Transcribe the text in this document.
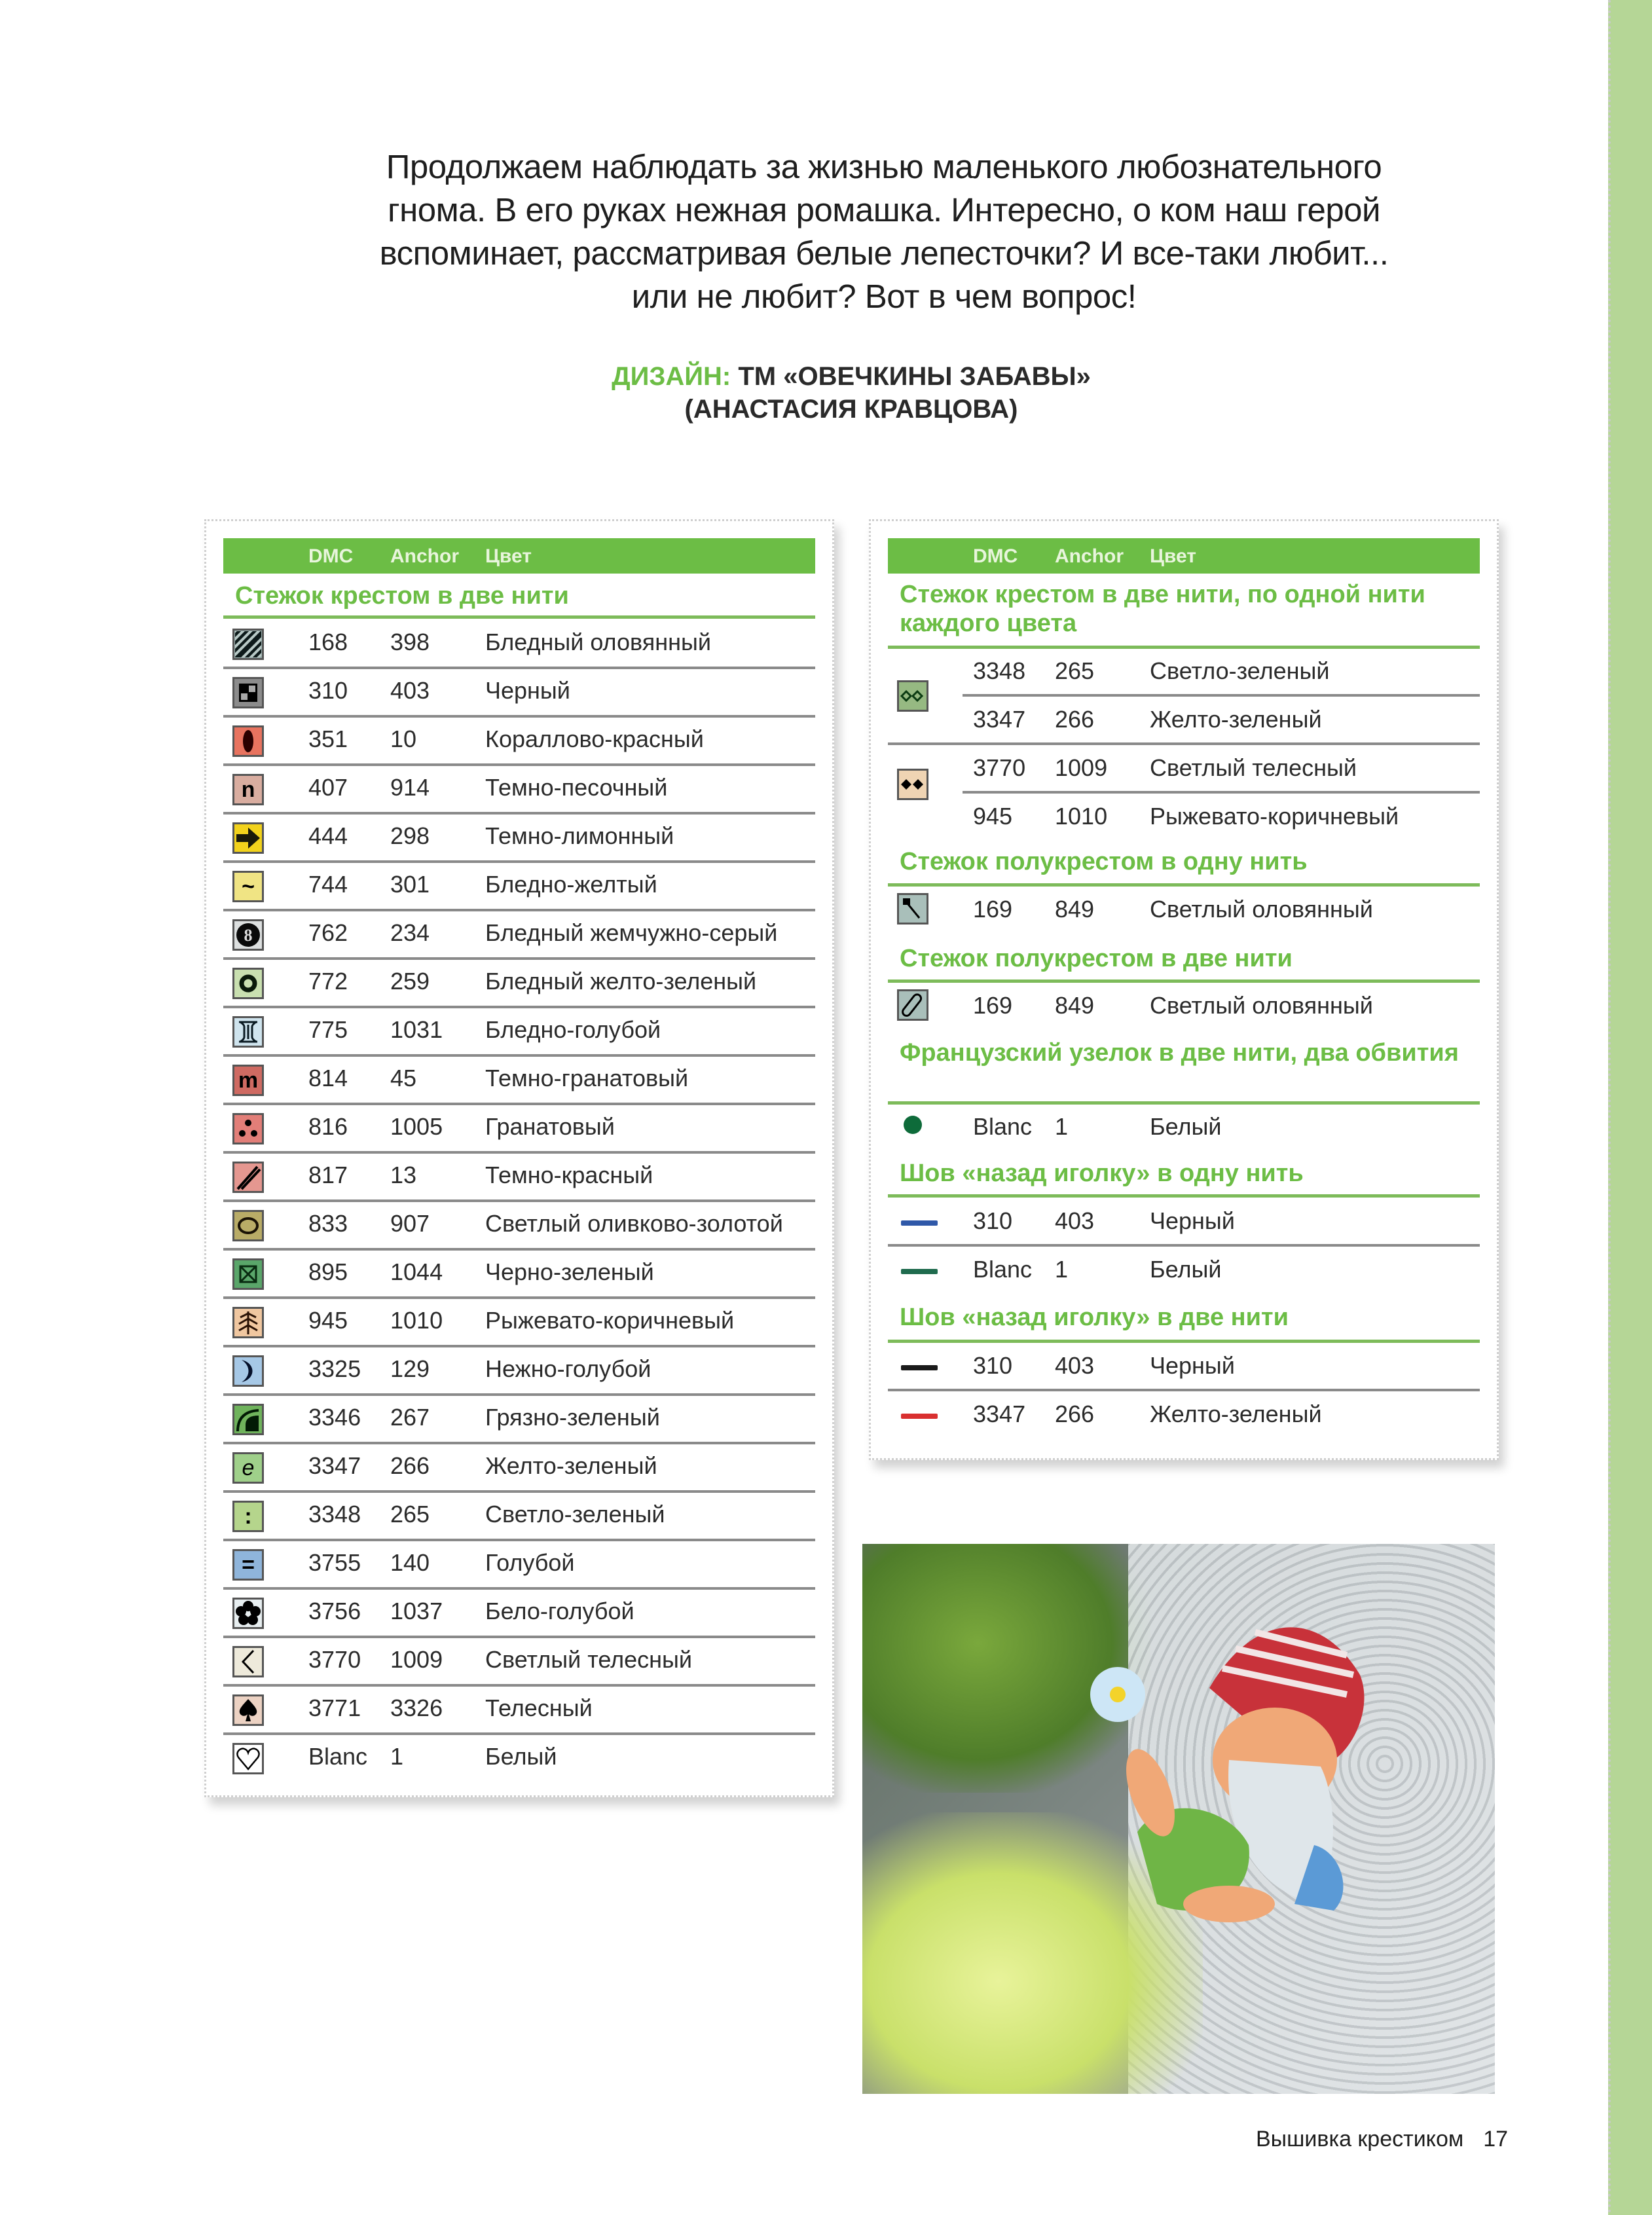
Продолжаем наблюдать за жизнью маленького любознательного
гнома. В его руках нежная ромашка. Интересно, о ком наш герой
вспоминает, рассматривая белые лепесточки? И все-таки любит...
или не любит? Вот в чем вопрос!
ДИЗАЙН: ТМ «ОВЕЧКИНЫ ЗАБАВЫ»
(АНАСТАСИЯ КРАВЦОВА)
DMC Anchor Цвет
Стежок крестом в две нити
168 398 Бледный оловянный
310 403 Черный
351 10	Кораллово-красный
n	407 914 Темно-песочный
444 298 Темно-лимонный
~	744 301 Бледно-желтый
8 762 234 Бледный жемчужно-серый
772 259 Бледный желто-зеленый
775 1031 Бледно-голубой
m 814 45	Темно-гранатовый
816 1005 Гранатовый
817 13	Темно-красный
833 907 Светлый оливково-золотой
895 1044 Черно-зеленый
945 1010 Рыжевато-коричневый
3325 129 Нежно-голубой
3346 267 Грязно-зеленый
e	3347 266 Желто-зеленый
:	3348 265 Светло-зеленый
=	3755 140 Голубой
3756 1037 Бело-голубой
3770 1009 Светлый телесный
3771 3326 Телесный
Blanc 1	Белый
DMC Anchor Цвет
Стежок крестом в две нити, по одной нити каждого цвета
3348 265 Светло-зеленый
3347 266 Желто-зеленый
3770 1009 Светлый телесный
945 1010 Рыжевато-коричневый
Стежок полукрестом в одну нить
169 849 Светлый оловянный
Стежок полукрестом в две нити
169 849 Светлый оловянный
Французский узелок в две нити, два обвития
Blanc 1	Белый
Шов «назад иголку» в одну нить
310 403 Черный
Blanc 1	Белый
Шов «назад иголку» в две нити
310 403 Черный
3347 266 Желто-зеленый
Вышивка крестиком 17
